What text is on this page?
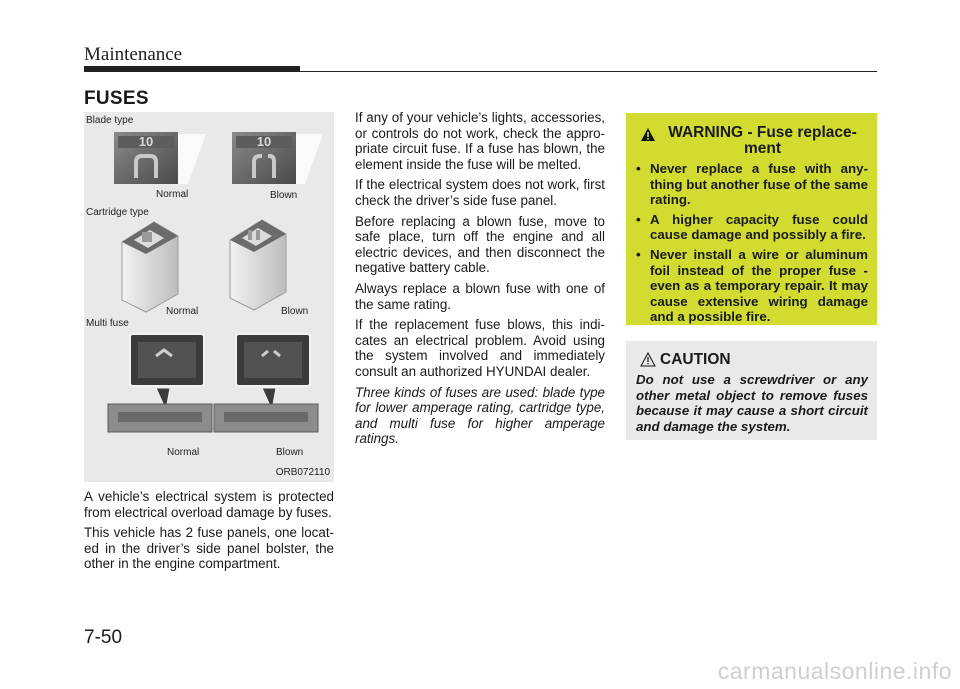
Maintenance
FUSES
10	10
Blade type
Normal	Blown
Cartridge type
Normal	Blown
Multi fuse
Normal	Blown
ORB072110

A vehicle’s electrical system is protected from electrical overload damage by fuses.

This vehicle has 2 fuse panels, one locat-ed in the driver’s side panel bolster, the other in the engine compartment.

If any of your vehicle’s lights, accessories, or controls do not work, check the appro-priate circuit fuse. If a fuse has blown, the element inside the fuse will be melted.

If the electrical system does not work, first check the driver’s side fuse panel.

Before replacing a blown fuse, move to safe place, turn off the engine and all electric devices, and then disconnect the negative battery cable.

Always replace a blown fuse with one of the same rating.

If the replacement fuse blows, this indi-cates an electrical problem. Avoid using the system involved and immediately consult an authorized HYUNDAI dealer.

Three kinds of fuses are used: blade type for lower amperage rating, cartridge type, and multi fuse for higher amperage ratings.

WARNING - Fuse replace-ment
• Never replace a fuse with any-thing but another fuse of the same rating.
• A higher capacity fuse could cause damage and possibly a fire.
• Never install a wire or aluminum foil instead of the proper fuse - even as a temporary repair. It may cause extensive wiring damage and a possible fire.
CAUTION
Do not use a screwdriver or any other metal object to remove fuses because it may cause a short circuit and damage the system.
7-50
carmanualsonline.info
